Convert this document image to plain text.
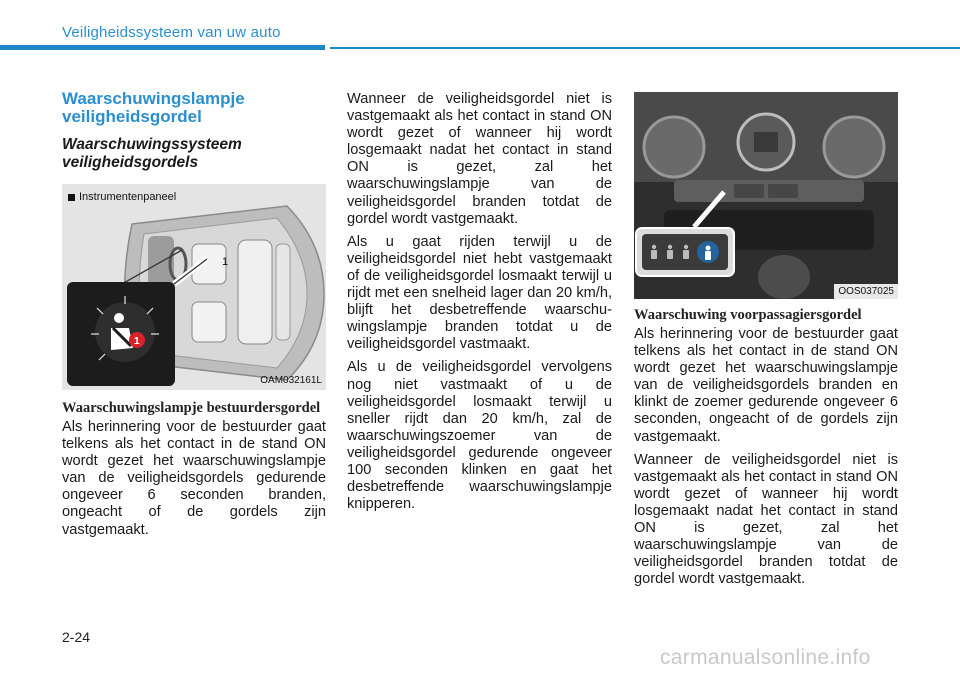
Veiligheidssysteem van uw auto
Waarschuwingslampje veiligheidsgordel
Waarschuwingssysteem veiligheidsgordels
1
Instrumentenpaneel
1
OAM032161L
Waarschuwingslampje bestuurdersgordel
Als herinnering voor de bestuurder gaat telkens als het contact in de stand ON wordt gezet het waarschuwingslampje van de veiligheidsgordels gedurende ongeveer 6 seconden branden, ongeacht of de gordels zijn vastgemaakt.
Wanneer de veiligheidsgordel niet is vastgemaakt als het contact in stand ON wordt gezet of wanneer hij wordt losgemaakt nadat het contact in stand ON is gezet, zal het waarschuwingslampje van de veiligheidsgordel branden totdat de gordel wordt vastgemaakt.
Als u gaat rijden terwijl u de veiligheidsgordel niet hebt vastgemaakt of de veiligheidsgordel losmaakt terwijl u rijdt met een snelheid lager dan 20 km/h, blijft het desbetreffende waarschu-wingslampje branden totdat u de veiligheidsgordel vastmaakt.
Als u de veiligheidsgordel vervolgens nog niet vastmaakt of u de veiligheidsgordel losmaakt terwijl u sneller rijdt dan 20 km/h, zal de waarschuwingszoemer van de veiligheidsgordel gedurende ongeveer 100 seconden klinken en gaat het desbetreffende waarschuwingslampje knipperen.
OOS037025
Waarschuwing voorpassagiersgordel
Als herinnering voor de bestuurder gaat telkens als het contact in de stand ON wordt gezet het waarschuwingslampje van de veiligheidsgordels branden en klinkt de zoemer gedurende ongeveer 6 seconden, ongeacht of de gordels zijn vastgemaakt.
Wanneer de veiligheidsgordel niet is vastgemaakt als het contact in stand ON wordt gezet of wanneer hij wordt losgemaakt nadat het contact in stand ON is gezet, zal het waarschuwingslampje van de veiligheidsgordel branden totdat de gordel wordt vastgemaakt.
2-24
carmanualsonline.info
